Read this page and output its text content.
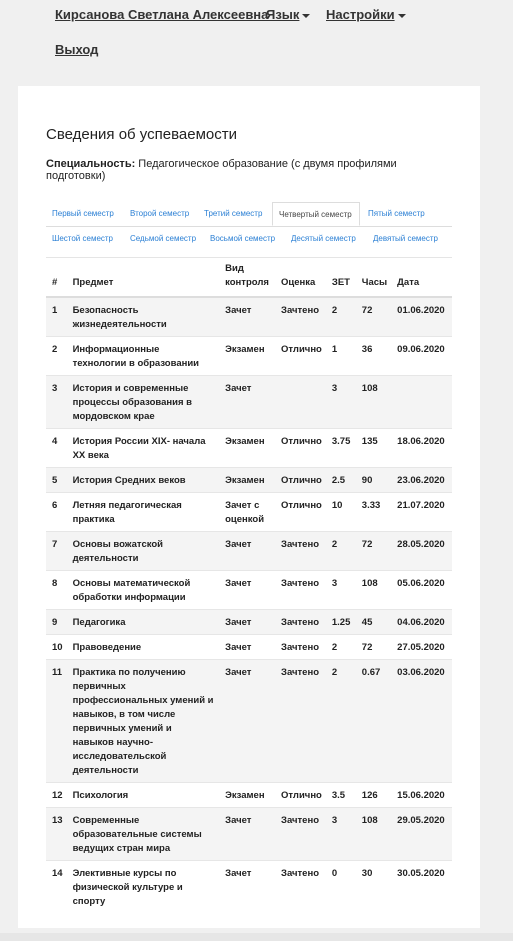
Кирсанова Светлана Алексеевна
Язык	Настройки
Выход
Сведения об успеваемости
Специальность: Педагогическое образование (с двумя профилями подготовки)
Первый семестр	Второй семестр	Третий семестр	Четвертый семестр	Пятый семестр
Шестой семестр	Седьмой семестр	Восьмой семестр	Десятый семестр	Девятый семестр
#	Предмет	Вид контроля	Оценка	ЗЕТ	Часы	Дата
1	Безопасность жизнедеятельности	Зачет	Зачтено	2	72	01.06.2020
2	Информационные технологии в образовании	Экзамен	Отлично	1	36	09.06.2020
3	История и современные процессы образования в мордовском крае	Зачет		3	108	
4	История России XIX- начала XX века	Экзамен	Отлично	3.75	135	18.06.2020
5	История Средних веков	Экзамен	Отлично	2.5	90	23.06.2020
6	Летняя педагогическая практика	Зачет с оценкой	Отлично	10	3.33	21.07.2020
7	Основы вожатской деятельности	Зачет	Зачтено	2	72	28.05.2020
8	Основы математической обработки информации	Зачет	Зачтено	3	108	05.06.2020
9	Педагогика	Зачет	Зачтено	1.25	45	04.06.2020
10	Правоведение	Зачет	Зачтено	2	72	27.05.2020
11	Практика по получению первичных профессиональных умений и навыков, в том числе первичных умений и навыков научно-исследовательской деятельности	Зачет	Зачтено	2	0.67	03.06.2020
12	Психология	Экзамен	Отлично	3.5	126	15.06.2020
13	Современные образовательные системы ведущих стран мира	Зачет	Зачтено	3	108	29.05.2020
14	Элективные курсы по физической культуре и спорту	Зачет	Зачтено	0	30	30.05.2020
